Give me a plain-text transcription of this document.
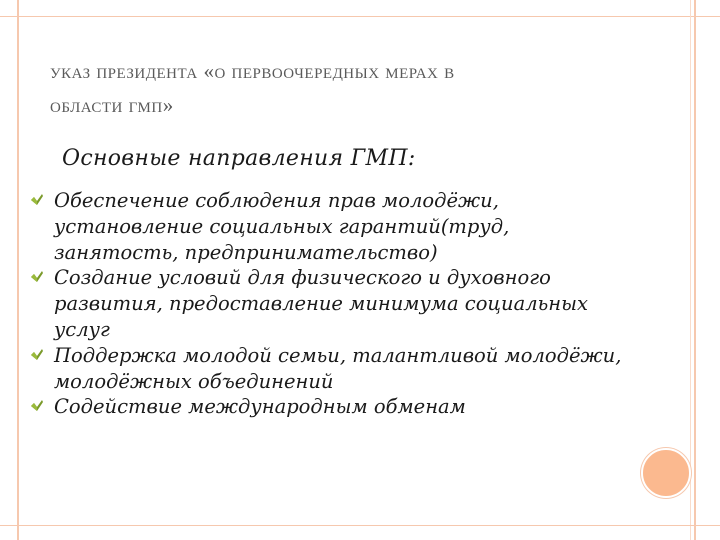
указ президента «о первоочередных мерах в
области гмп»
Основные направления ГМП:
Обеспечение соблюдения прав молодёжи,
установление социальных гарантий(труд,
занятость, предпринимательство)
Создание условий для физического и духовного
развития, предоставление минимума социальных
услуг
Поддержка молодой семьи, талантливой молодёжи,
молодёжных объединений
Содействие международным обменам
